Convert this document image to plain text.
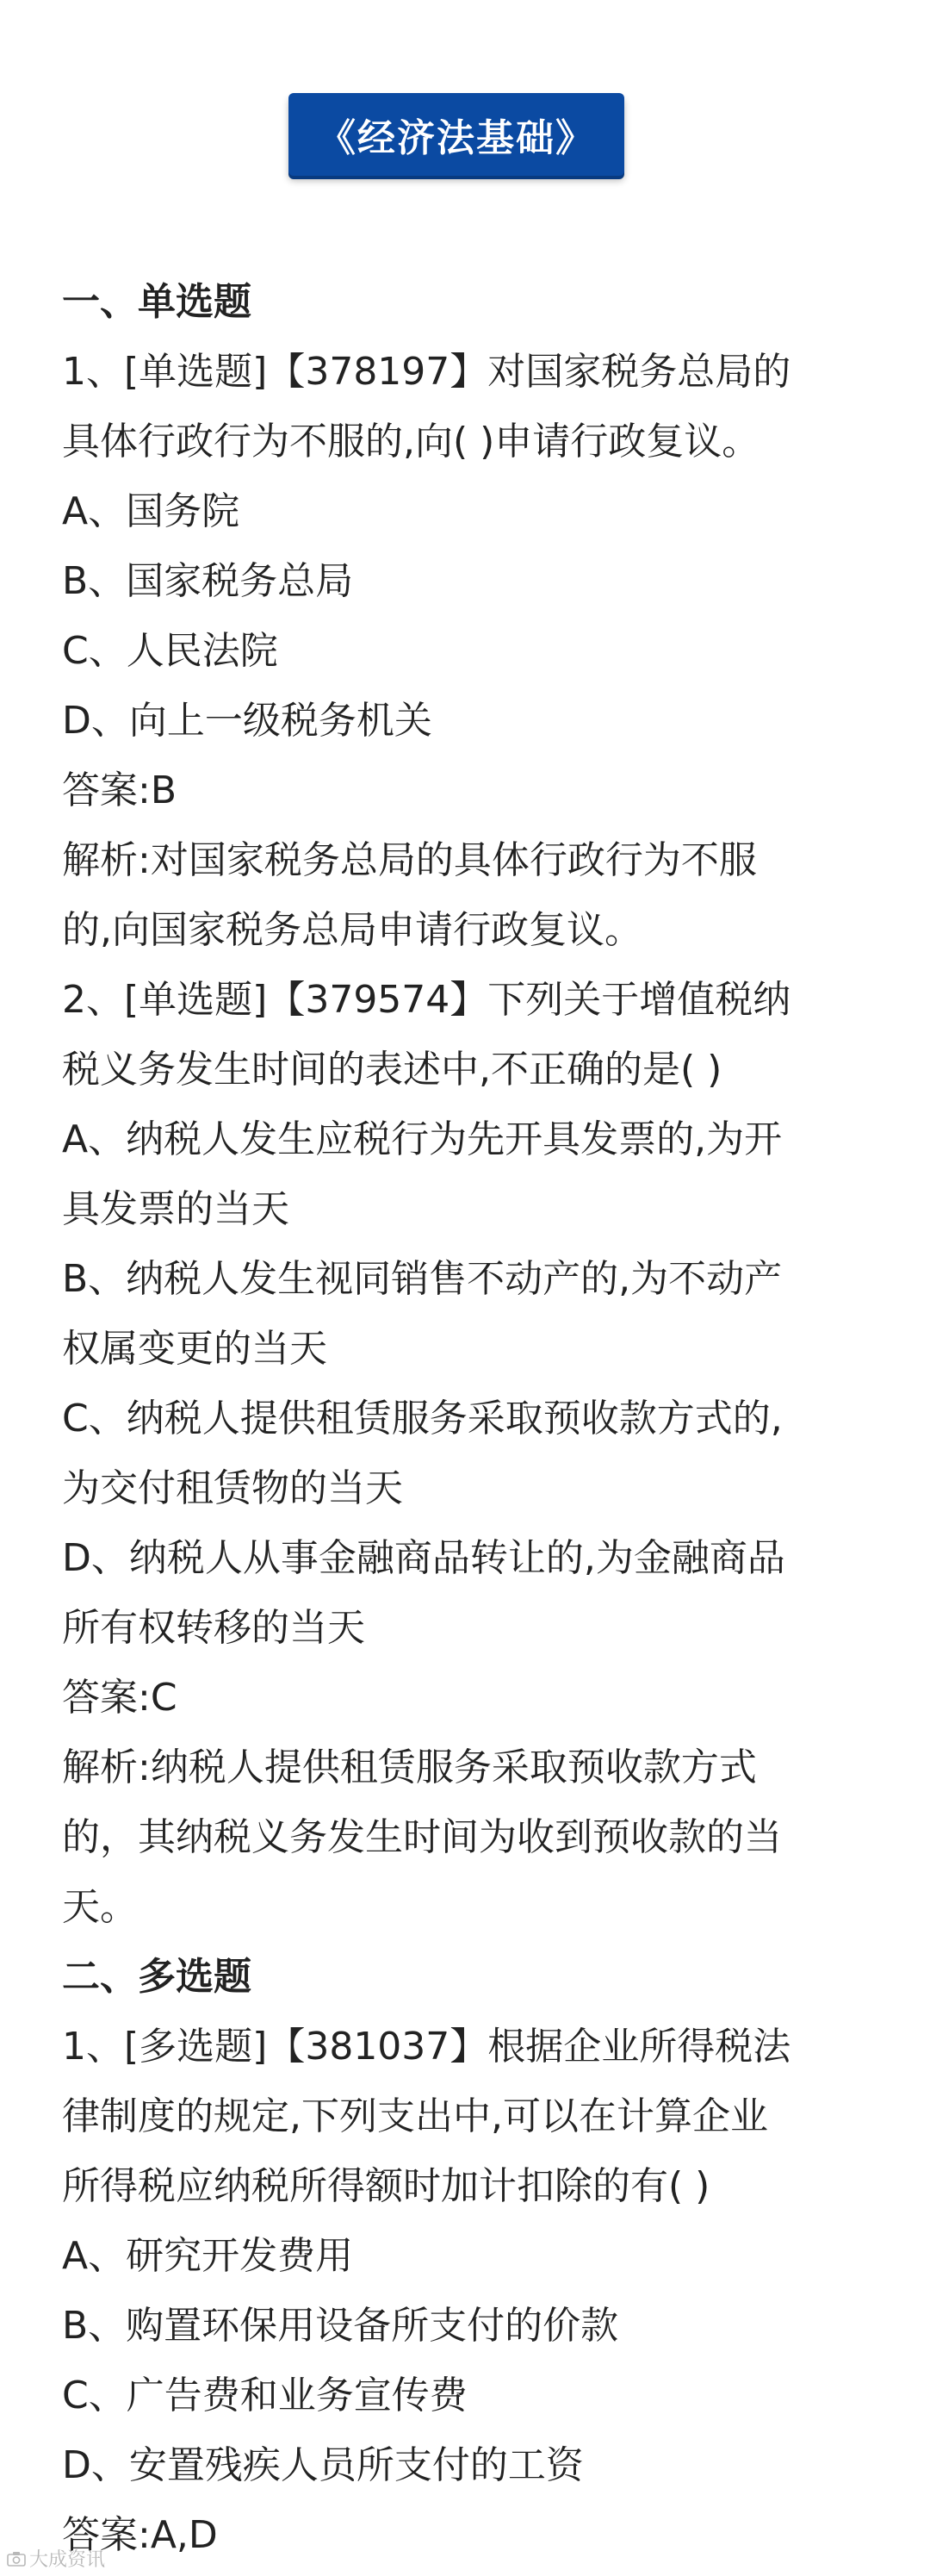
《经济法基础》
一、单选题
1、[单选题]【378197】对国家税务总局的
具体行政行为不服的,向( )申请行政复议。
A、国务院
B、国家税务总局
C、人民法院
D、向上一级税务机关
答案:B
解析:对国家税务总局的具体行政行为不服
的,向国家税务总局申请行政复议。
2、[单选题]【379574】下列关于增值税纳
税义务发生时间的表述中,不正确的是( )
A、纳税人发生应税行为先开具发票的,为开
具发票的当天
B、纳税人发生视同销售不动产的,为不动产
权属变更的当天
C、纳税人提供租赁服务采取预收款方式的,
为交付租赁物的当天
D、纳税人从事金融商品转让的,为金融商品
所有权转移的当天
答案:C
解析:纳税人提供租赁服务采取预收款方式
的，其纳税义务发生时间为收到预收款的当
天。
二、多选题
1、[多选题]【381037】根据企业所得税法
律制度的规定,下列支出中,可以在计算企业
所得税应纳税所得额时加计扣除的有( )
A、研究开发费用
B、购置环保用设备所支付的价款
C、广告费和业务宣传费
D、安置残疾人员所支付的工资
答案:A,D
大成资讯
